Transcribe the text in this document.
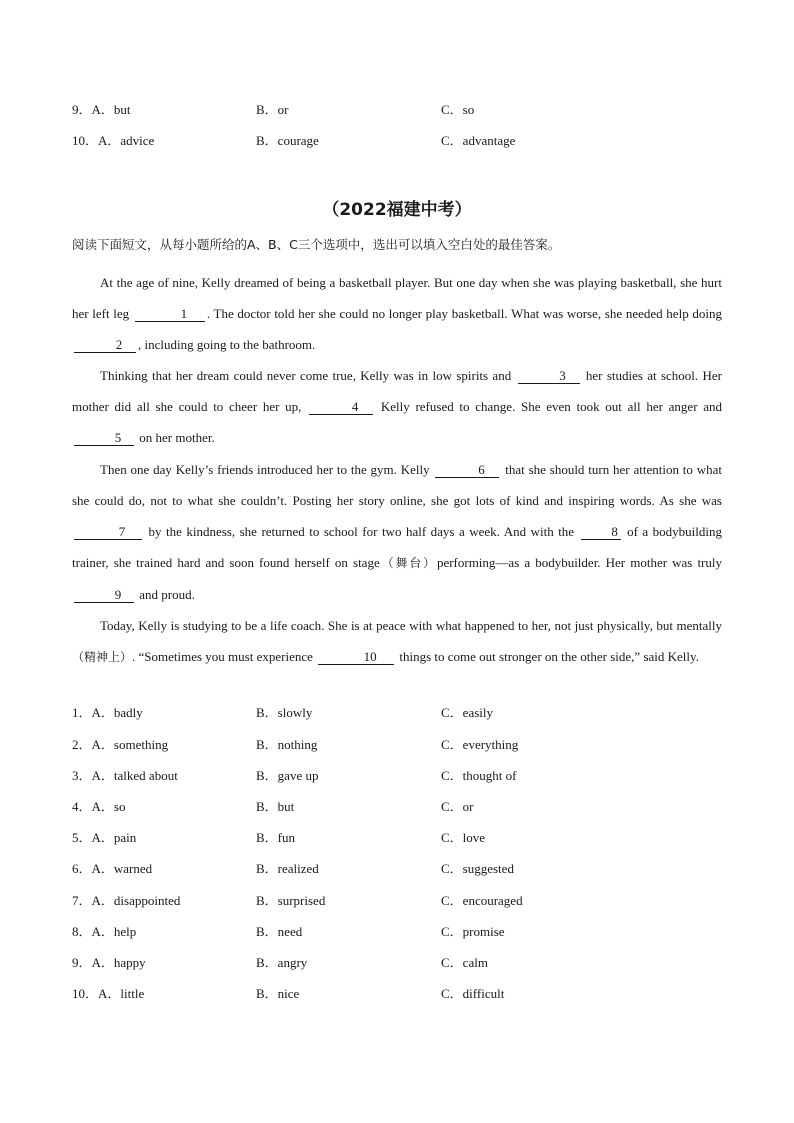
9．A．but	B．or	C．so
10．A．advice	B．courage	C．advantage
（2022福建中考）
阅读下面短文，从每小题所给的A、B、C三个选项中，选出可以填入空白处的最佳答案。

At the age of nine, Kelly dreamed of being a basketball player. But one day when she was playing basketball, she hurt her left leg	1 . The doctor told her she could no longer play basketball. What was worse, she needed help doing 2 , including going to the bathroom.

Thinking that her dream could never come true, Kelly was in low spirits and	3 her studies at school. Her mother did all she could to cheer her up,	4 Kelly refused to change. She even took out all her anger and 5 on her mother.

Then one day Kelly’s friends introduced her to the gym. Kelly	6 that she should turn her attention to what she could do, not to what she couldn’t. Posting her story online, she got lots of kind and inspiring words. As she was 7 by the kindness, she returned to school for two half days a week. And with the	8 of a bodybuilding trainer, she trained hard and soon found herself on stage（舞台）performing—as a bodybuilder. Her mother was truly 9 and proud.

Today, Kelly is studying to be a life coach. She is at peace with what happened to her, not just physically, but mentally（精神上）. “Sometimes you must experience	10 things to come out stronger on the other side,” said Kelly.

1．A．badly	B．slowly	C．easily
2．A．something	B．nothing	C．everything
3．A．talked about	B．gave up	C．thought of
4．A．so	B．but	C．or
5．A．pain	B．fun	C．love
6．A．warned	B．realized	C．suggested
7．A．disappointed	B．surprised	C．encouraged
8．A．help	B．need	C．promise
9．A．happy	B．angry	C．calm
10．A．little	B．nice	C．difficult
